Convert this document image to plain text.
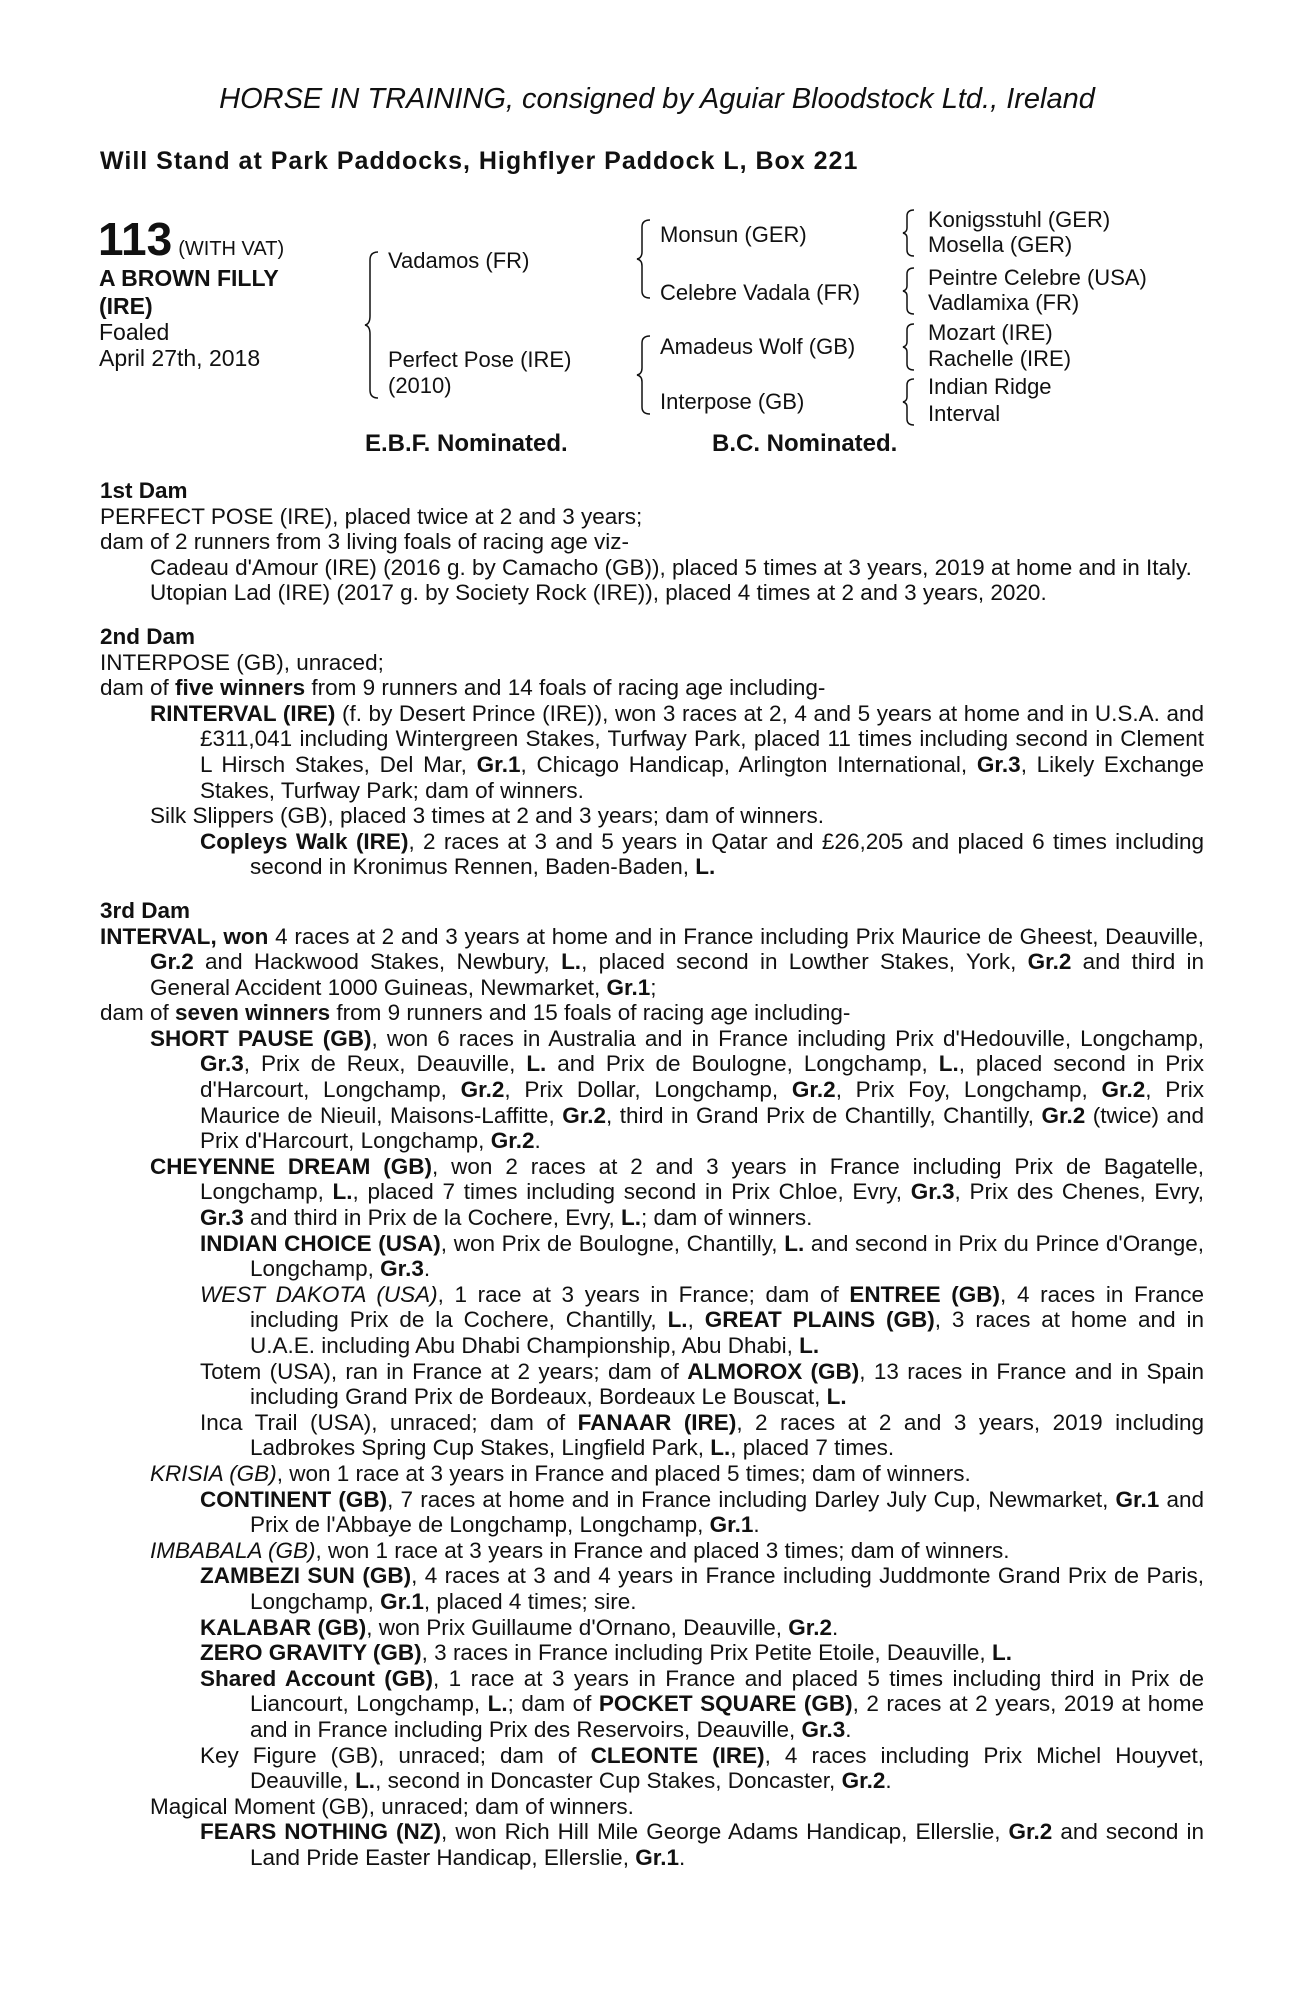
HORSE IN TRAINING, consigned by Aguiar Bloodstock Ltd., Ireland
Will Stand at Park Paddocks, Highflyer Paddock L, Box 221
113 (WITH VAT)
A BROWN FILLY
(IRE)
Foaled
April 27th, 2018
Vadamos (FR)
Perfect Pose (IRE)
(2010)
Monsun (GER)
Celebre Vadala (FR)
Amadeus Wolf (GB)
Interpose (GB)
Konigsstuhl (GER)
Mosella (GER)
Peintre Celebre (USA)
Vadlamixa (FR)
Mozart (IRE)
Rachelle (IRE)
Indian Ridge
Interval
E.B.F. Nominated.	B.C. Nominated.
1st Dam
PERFECT POSE (IRE), placed twice at 2 and 3 years;
dam of 2 runners from 3 living foals of racing age viz-
Cadeau d'Amour (IRE) (2016 g. by Camacho (GB)), placed 5 times at 3 years, 2019 at home and in Italy.
Utopian Lad (IRE) (2017 g. by Society Rock (IRE)), placed 4 times at 2 and 3 years, 2020.
2nd Dam
INTERPOSE (GB), unraced;
dam of five winners from 9 runners and 14 foals of racing age including-
RINTERVAL (IRE) (f. by Desert Prince (IRE)), won 3 races at 2, 4 and 5 years at home and in U.S.A. and £311,041 including Wintergreen Stakes, Turfway Park, placed 11 times including second in Clement L Hirsch Stakes, Del Mar, Gr.1, Chicago Handicap, Arlington International, Gr.3, Likely Exchange Stakes, Turfway Park; dam of winners.
Silk Slippers (GB), placed 3 times at 2 and 3 years; dam of winners.
Copleys Walk (IRE), 2 races at 3 and 5 years in Qatar and £26,205 and placed 6 times including second in Kronimus Rennen, Baden-Baden, L.
3rd Dam
INTERVAL, won 4 races at 2 and 3 years at home and in France including Prix Maurice de Gheest, Deauville, Gr.2 and Hackwood Stakes, Newbury, L., placed second in Lowther Stakes, York, Gr.2 and third in General Accident 1000 Guineas, Newmarket, Gr.1;
dam of seven winners from 9 runners and 15 foals of racing age including-
SHORT PAUSE (GB), won 6 races in Australia and in France including Prix d'Hedouville, Longchamp, Gr.3, Prix de Reux, Deauville, L. and Prix de Boulogne, Longchamp, L., placed second in Prix d'Harcourt, Longchamp, Gr.2, Prix Dollar, Longchamp, Gr.2, Prix Foy, Longchamp, Gr.2, Prix Maurice de Nieuil, Maisons-Laffitte, Gr.2, third in Grand Prix de Chantilly, Chantilly, Gr.2 (twice) and Prix d'Harcourt, Longchamp, Gr.2.
CHEYENNE DREAM (GB), won 2 races at 2 and 3 years in France including Prix de Bagatelle, Longchamp, L., placed 7 times including second in Prix Chloe, Evry, Gr.3, Prix des Chenes, Evry, Gr.3 and third in Prix de la Cochere, Evry, L.; dam of winners.
INDIAN CHOICE (USA), won Prix de Boulogne, Chantilly, L. and second in Prix du Prince d'Orange, Longchamp, Gr.3.
WEST DAKOTA (USA), 1 race at 3 years in France; dam of ENTREE (GB), 4 races in France including Prix de la Cochere, Chantilly, L., GREAT PLAINS (GB), 3 races at home and in U.A.E. including Abu Dhabi Championship, Abu Dhabi, L.
Totem (USA), ran in France at 2 years; dam of ALMOROX (GB), 13 races in France and in Spain including Grand Prix de Bordeaux, Bordeaux Le Bouscat, L.
Inca Trail (USA), unraced; dam of FANAAR (IRE), 2 races at 2 and 3 years, 2019 including Ladbrokes Spring Cup Stakes, Lingfield Park, L., placed 7 times.
KRISIA (GB), won 1 race at 3 years in France and placed 5 times; dam of winners.
CONTINENT (GB), 7 races at home and in France including Darley July Cup, Newmarket, Gr.1 and Prix de l'Abbaye de Longchamp, Longchamp, Gr.1.
IMBABALA (GB), won 1 race at 3 years in France and placed 3 times; dam of winners.
ZAMBEZI SUN (GB), 4 races at 3 and 4 years in France including Juddmonte Grand Prix de Paris, Longchamp, Gr.1, placed 4 times; sire.
KALABAR (GB), won Prix Guillaume d'Ornano, Deauville, Gr.2.
ZERO GRAVITY (GB), 3 races in France including Prix Petite Etoile, Deauville, L.
Shared Account (GB), 1 race at 3 years in France and placed 5 times including third in Prix de Liancourt, Longchamp, L.; dam of POCKET SQUARE (GB), 2 races at 2 years, 2019 at home and in France including Prix des Reservoirs, Deauville, Gr.3.
Key Figure (GB), unraced; dam of CLEONTE (IRE), 4 races including Prix Michel Houyvet, Deauville, L., second in Doncaster Cup Stakes, Doncaster, Gr.2.
Magical Moment (GB), unraced; dam of winners.
FEARS NOTHING (NZ), won Rich Hill Mile George Adams Handicap, Ellerslie, Gr.2 and second in Land Pride Easter Handicap, Ellerslie, Gr.1.
